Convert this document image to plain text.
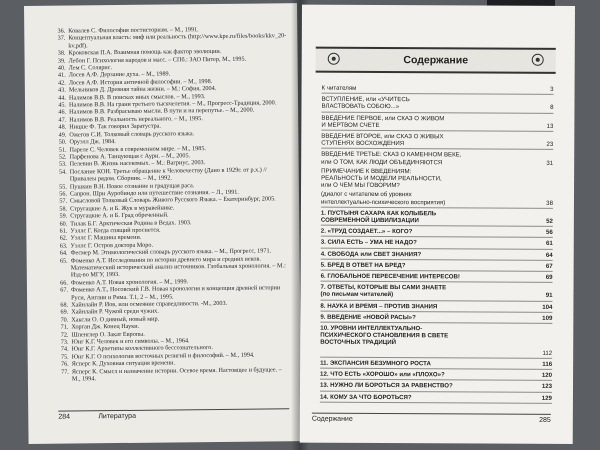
36. Ковалев С. Философия постисторизм. – М., 1991.
37. Концептуальная власть: миф или реальность (http://www.kpe.ru/files/books/kkv_20-kv.pdf).
38. Кроковская П.А. Взаимная помощь как фактор эволюции.
39. Лебон Г. Психология народов и масс. – СПб.: ЗАО Питер, М., 1995.
40. Лем С. Солярис.
41. Лосев А.Ф. Дерзание духа. – М., 1989.
42. Лосев А.Ф. История античной философии. – М., 1998.
43. Мельников Д. Древняя тайна жизни. – М.: София, 2004.
44. Налимов В.В. В поисках иных смыслов. – М., 1993.
45. Налимов В.В. На грани третьего тысячелетия. – М., Прогресс-Традиция, 2000.
46. Налимов В.В. Разбрасываю мысли. В пути и на перепутье. – М., 2000.
47. Налимов В.В. Реальность нереального. – М., 1995.
48. Ницше Ф. Так говорил Заратустра.
49. Ожегов С.И. Толковый словарь русского языка.
50. Оруэлл Дж. 1984.
51. Пареле С. Человек в современном мире. – М., 1985.
52. Парфенова А. Танцующая с Аури. – М., 2005.
53. Пелевин В. Жизнь насекомых. – М.: Вагриус, 2003.
54. Послание КОН. Третье обращение к Человечеству (Дано в 1929г. от р.х.) //Привалеы рядом. Сборник. – М., 1992.
55. Пушкин В.Н. Новое сознание и грядущая раса.
56. Сапрон. Шри Ауробиндо или путешествие сознания. – Л., 1991.
57. Смысловой Толковый Словарь Живого Русского Языка. – Екатеринбург, 2005.
58. Стругацкие А. и Б. Жук в муравейнике.
59. Стругацкие А. и Б. Град обреченный.
60. Тилак Б.Г. Арктическая Родина в Ведах. 1903.
61. Уэллс Г. Когда спящий проснется.
62. Уэллс Г. Машина времени.
63. Уэллс Г. Остров доктора Моро.
64. Фесмер М. Этимологический словарь русского языка. – М., Прогресс, 1971.
65. Фоменко А.Т. Исследования по истории древнего мира и средних веков. Математический исторический анализ источников. Глобальная хронология. – М.: Изд-во МГУ, 1993.
66. Фоменко А.Т. Новая хронология. – М., 1999.
67. Фоменко А.Т., Носовский Г.В. Новая хронология и концепция древней истории Руси, Англии и Рима. Т.1, 2 – М., 1995.
68. Хайнлайн Р. Иов, или осмеяние справедливости. -М., 2003.
69. Хайнлайн Р. Чужой среди чужих.
70. Хаксли О. О дивный, новый мир.
71. Хорган Дж. Конец Науки.
72. Шпенглер О. Закат Европы.
73. Юнг К.Г. Человек и его символы. – М., 1964.
74. Юнг К.Г. Архетипы коллективного бессознательного.
75. Юнг К.Г. О психологии восточных религий и философий. – М., 1994.
76. Ясперс К. Духовная ситуация времени.
77. Ясперс К. Смысл и назначение истории. Осевое время. Настоящее и будущее. – М., 1994.
284	Литература
Содержание
К читателям	3
ВСТУПЛЕНИЕ, или «УЧИТЕСЬ
ВЛАСТВОВАТЬ СОБОЮ...»	8
ВВЕДЕНИЕ ПЕРВОЕ, или СКАЗ О ЖИВОМ
И МЕРТВОМ СЧЕТЕ	13
ВВЕДЕНИЕ ВТОРОЕ, или СКАЗ О ЖИВЫХ
СТУПЕНЯХ ВОСХОЖДЕНИЯ	23
ВВЕДЕНИЕ ТРЕТЬЕ: СКАЗ О КАМЕННОМ ВЕКЕ,
или О ТОМ, КАК ЛЮДИ ОБЪЕДИНЯЮТСЯ	31
ПРИМЕЧАНИЕ К ВВЕДЕНИЯМ:
РЕАЛЬНОСТЬ И МОДЕЛИ РЕАЛЬНОСТИ,
или О ЧЕМ МЫ ГОВОРИМ?
(диалог с читателем об уровнях
интеллектуально-психического восприятия)	38
1. ПУСТЫНЯ САХАРА КАК КОЛЫБЕЛЬ
СОВРЕМЕННОЙ ЦИВИЛИЗАЦИИ	52
2. «ТРУД СОЗДАЕТ...» – КОГО?	56
3. СИЛА ЕСТЬ – УМА НЕ НАДО?	61
4. СВОБОДА или СВЕТ ЗНАНИЯ?	64
5. БРЕД В ОТВЕТ НА БРЕД?	67
6. ГЛОБАЛЬНОЕ ПЕРЕСЕЧЕНИЕ ИНТЕРЕСОВ!	69
7. ОТВЕТЫ, КОТОРЫЕ ВЫ САМИ ЗНАЕТЕ
(по письмам читателей)	91
8. НАУКА И ВРЕМЯ – ПРОТИВ ЗНАНИЯ	104
9. ВВЕДЕНИЕ «НОВОЙ РАСЫ»?	109
10. УРОВНИ ИНТЕЛЛЕКТУАЛЬНО-
ПСИХИЧЕСКОГО СТАНОВЛЕНИЯ В СВЕТЕ
ВОСТОЧНЫХ ТРАДИЦИЙ
112
11. ЭКСПАНСИЯ БЕЗУМНОГО РОСТА	116
12. ЧТО ЕСТЬ «ХОРОШО» или «ПЛОХО»?	120
13. НУЖНО ЛИ БОРОТЬСЯ ЗА РАВЕНСТВО?	123
14. КОМУ ЗА ЧТО БОРОТЬСЯ?	129
Содержание	285
